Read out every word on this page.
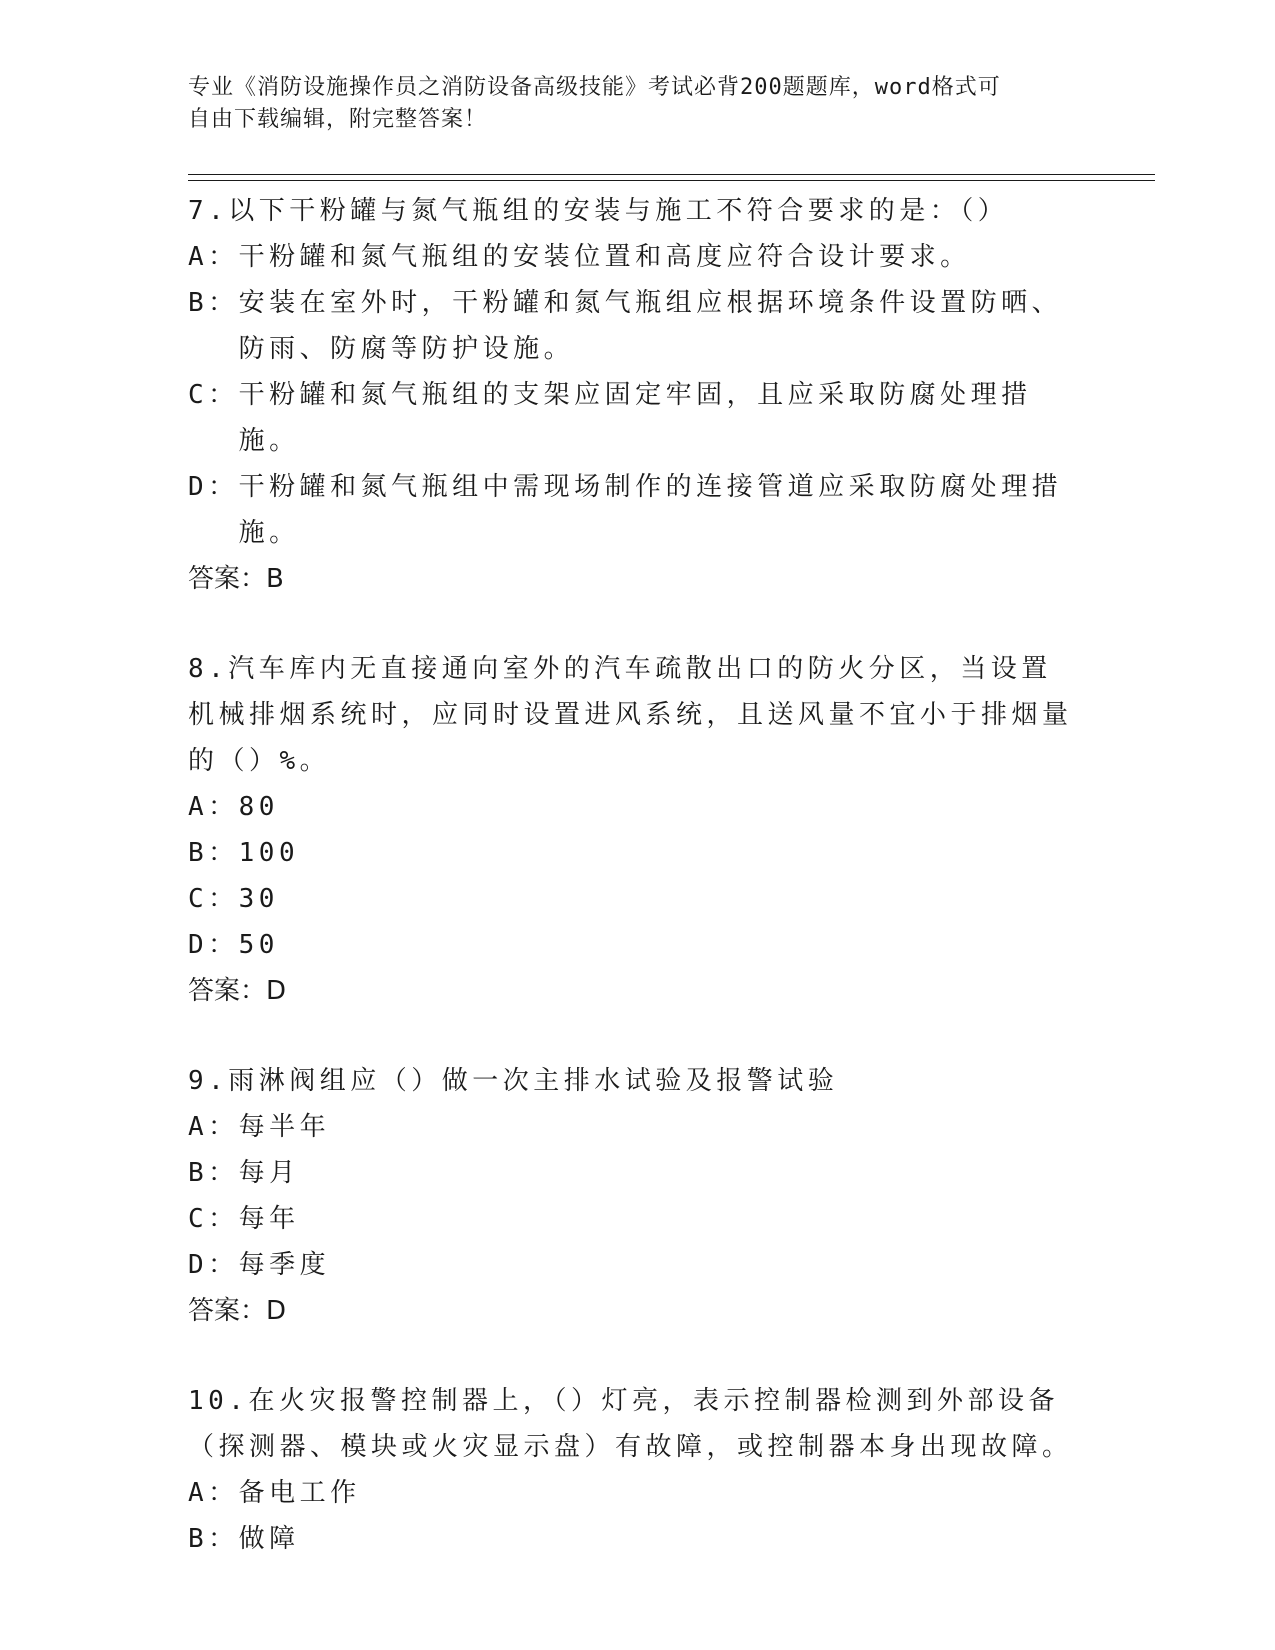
专业《消防设施操作员之消防设备高级技能》考试必背200题题库，word格式可
自由下载编辑，附完整答案！

7.以下干粉罐与氮气瓶组的安装与施工不符合要求的是：（）

A： 干粉罐和氮气瓶组的安装位置和高度应符合设计要求。
B： 安装在室外时，干粉罐和氮气瓶组应根据环境条件设置防晒、防雨、防腐等防护设施。
C： 干粉罐和氮气瓶组的支架应固定牢固，且应采取防腐处理措施。
D： 干粉罐和氮气瓶组中需现场制作的连接管道应采取防腐处理措施。

答案：B

8.汽车库内无直接通向室外的汽车疏散出口的防火分区，当设置机械排烟系统时，应同时设置进风系统，且送风量不宜小于排烟量的（）%。

A： 80
B： 100
C： 30
D： 50

答案：D

9.雨淋阀组应（）做一次主排水试验及报警试验

A： 每半年
B： 每月
C： 每年
D： 每季度

答案：D

10.在火灾报警控制器上，（）灯亮，表示控制器检测到外部设备（探测器、模块或火灾显示盘）有故障，或控制器本身出现故障。

A： 备电工作
B： 做障
